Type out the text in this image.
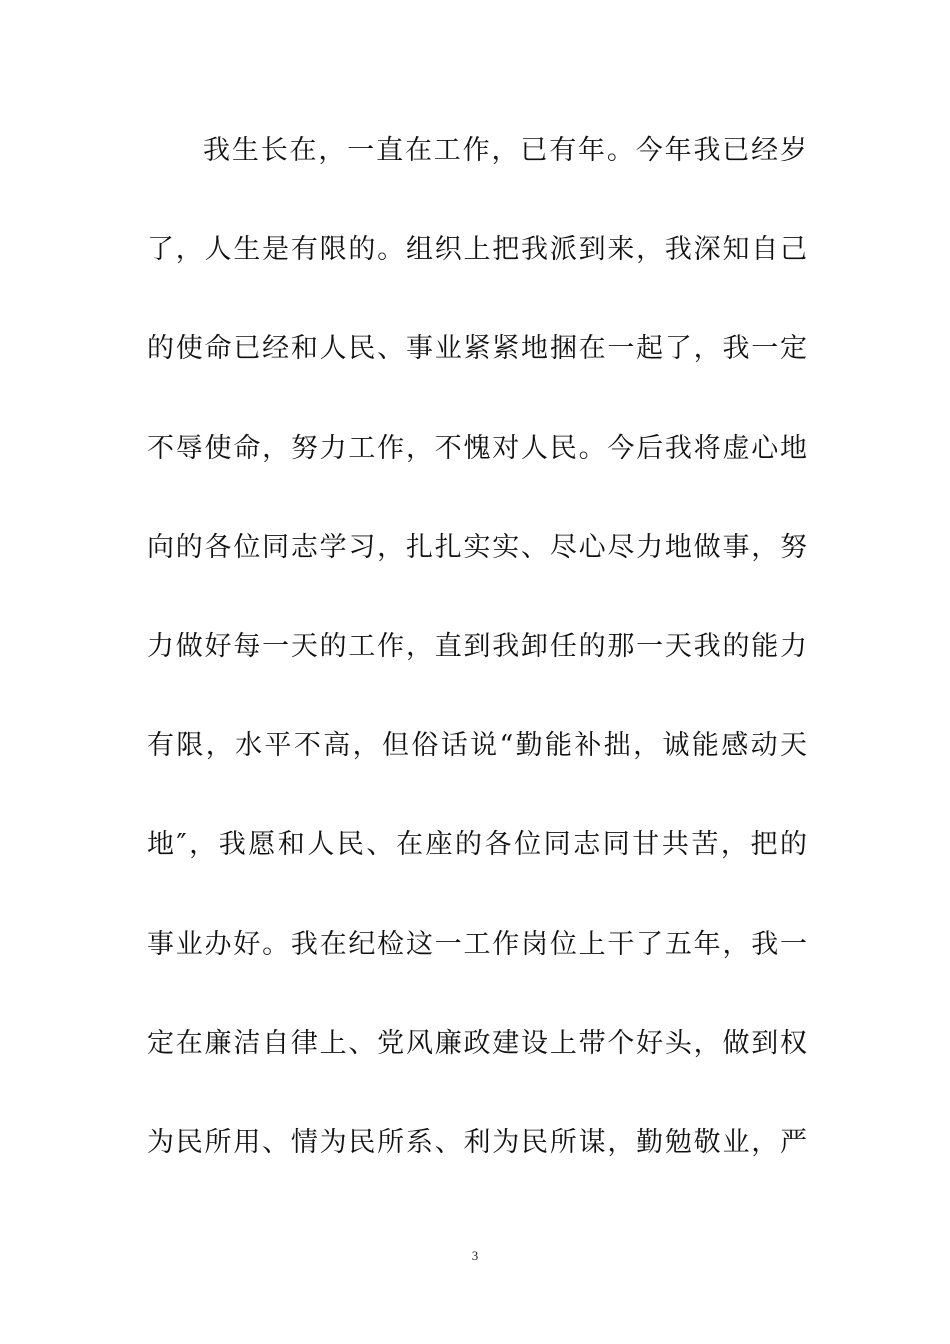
我生长在，一直在工作，已有年。今年我已经岁
了，人生是有限的。组织上把我派到来，我深知自己
的使命已经和人民、事业紧紧地捆在一起了，我一定
不辱使命，努力工作，不愧对人民。今后我将虚心地
向的各位同志学习，扎扎实实、尽心尽力地做事，努
力做好每一天的工作，直到我卸任的那一天我的能力
有限，水平不高，但俗话说“勤能补拙，诚能感动天
地″，我愿和人民、在座的各位同志同甘共苦，把的
事业办好。我在纪检这一工作岗位上干了五年，我一
定在廉洁自律上、党风廉政建设上带个好头，做到权
为民所用、情为民所系、利为民所谋，勤勉敬业，严
3
